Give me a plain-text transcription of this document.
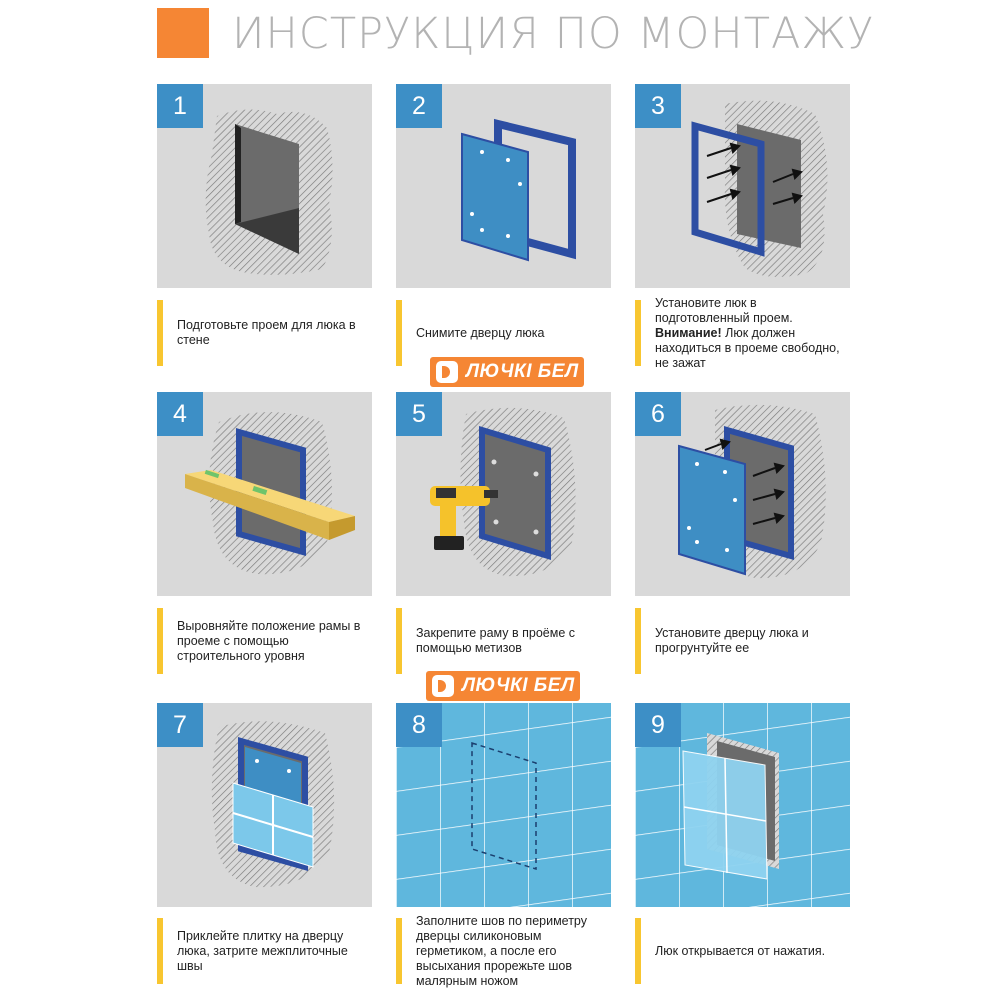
ИНСТРУКЦИЯ ПО МОНТАЖУ
1
Подготовьте проем для люка в стене
2
Снимите дверцу люка
3
Установите люк в подготовленный проем. Внимание! Люк должен находиться в проеме свободно, не зажат
ЛЮЧКІ БЕЛ
4
Выровняйте положение рамы в проеме с помощью строительного уровня
5
Закрепите раму в проёме с помощью метизов
6
Установите дверцу люка и прогрунтуйте ее
ЛЮЧКІ БЕЛ
7
Приклейте плитку на дверцу люка, затрите межплиточные швы
8
Заполните шов по периметру дверцы силиконовым герметиком, а после его высыхания прорежьте шов малярным ножом
9
Люк открывается от нажатия.
